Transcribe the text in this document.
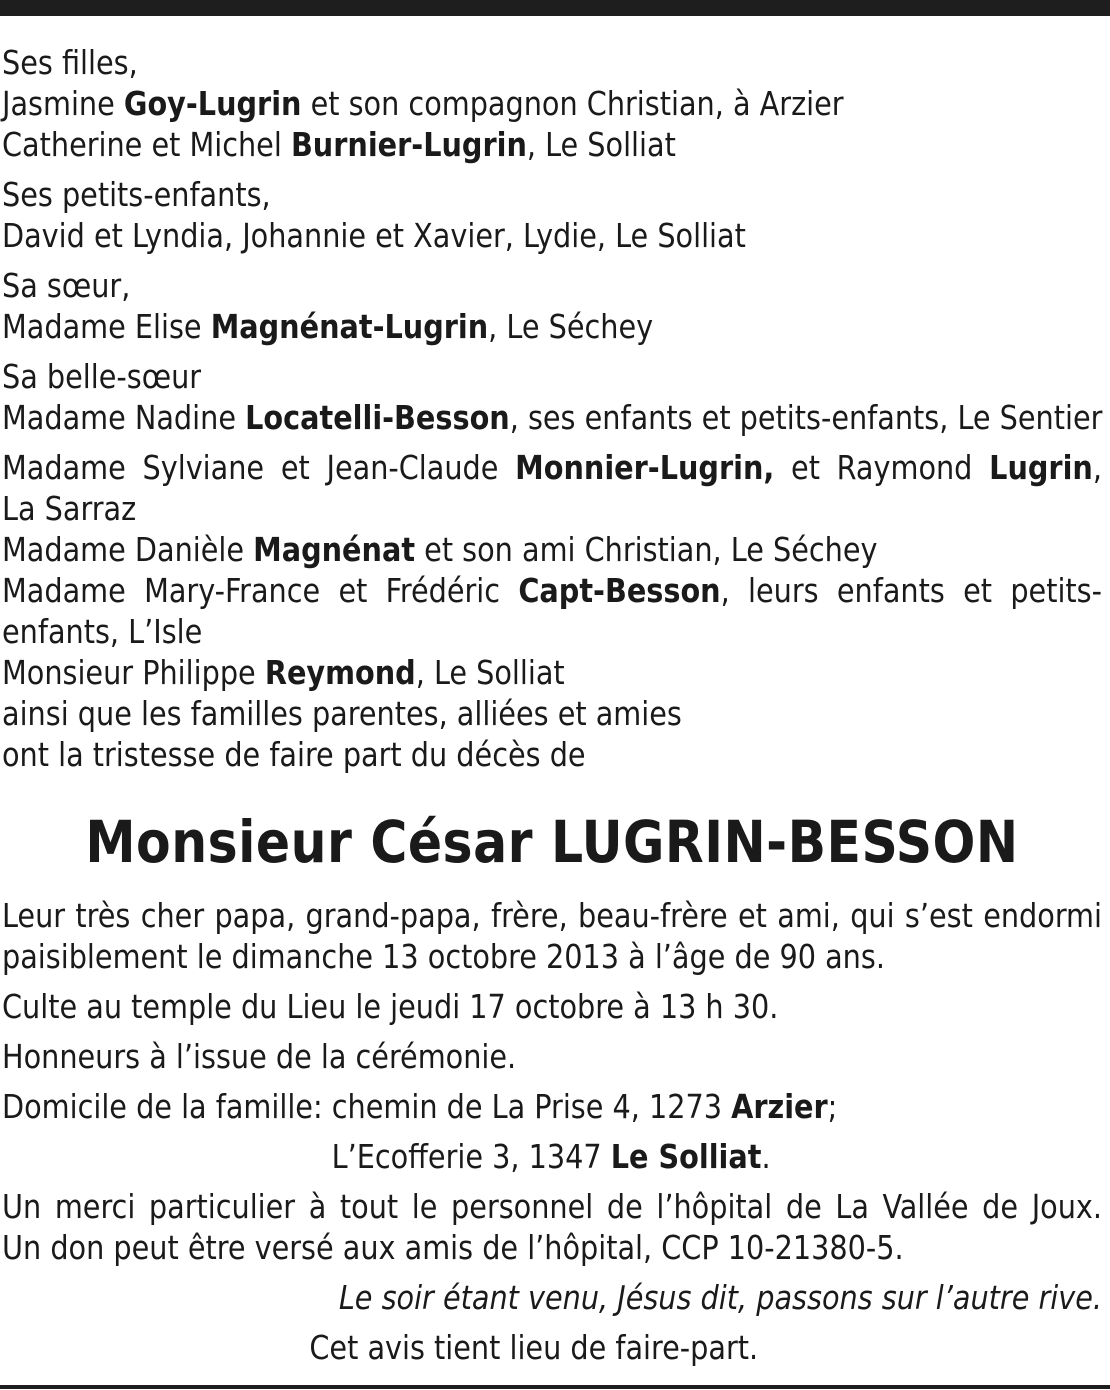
Ses filles,
Jasmine Goy-Lugrin et son compagnon Christian, à Arzier
Catherine et Michel Burnier-Lugrin, Le Solliat
Ses petits-enfants,
David et Lyndia, Johannie et Xavier, Lydie, Le Solliat
Sa sœur,
Madame Elise Magnénat-Lugrin, Le Séchey
Sa belle-sœur
Madame Nadine Locatelli-Besson, ses enfants et petits-enfants, Le Sentier
Madame Sylviane et Jean-Claude Monnier-Lugrin, et Raymond Lugrin,
La Sarraz
Madame Danièle Magnénat et son ami Christian, Le Séchey
Madame Mary-France et Frédéric Capt-Besson, leurs enfants et petits-
enfants, L’Isle
Monsieur Philippe Reymond, Le Solliat
ainsi que les familles parentes, alliées et amies
ont la tristesse de faire part du décès de
Monsieur César LUGRIN-BESSON
Leur très cher papa, grand-papa, frère, beau-frère et ami, qui s’est endormi
paisiblement le dimanche 13 octobre 2013 à l’âge de 90 ans.
Culte au temple du Lieu le jeudi 17 octobre à 13 h 30.
Honneurs à l’issue de la cérémonie.
Domicile de la famille: chemin de La Prise 4, 1273 Arzier;
L’Ecofferie 3, 1347 Le Solliat.
Un merci particulier à tout le personnel de l’hôpital de La Vallée de Joux.
Un don peut être versé aux amis de l’hôpital, CCP 10-21380-5.
Le soir étant venu, Jésus dit, passons sur l’autre rive.
Cet avis tient lieu de faire-part.
